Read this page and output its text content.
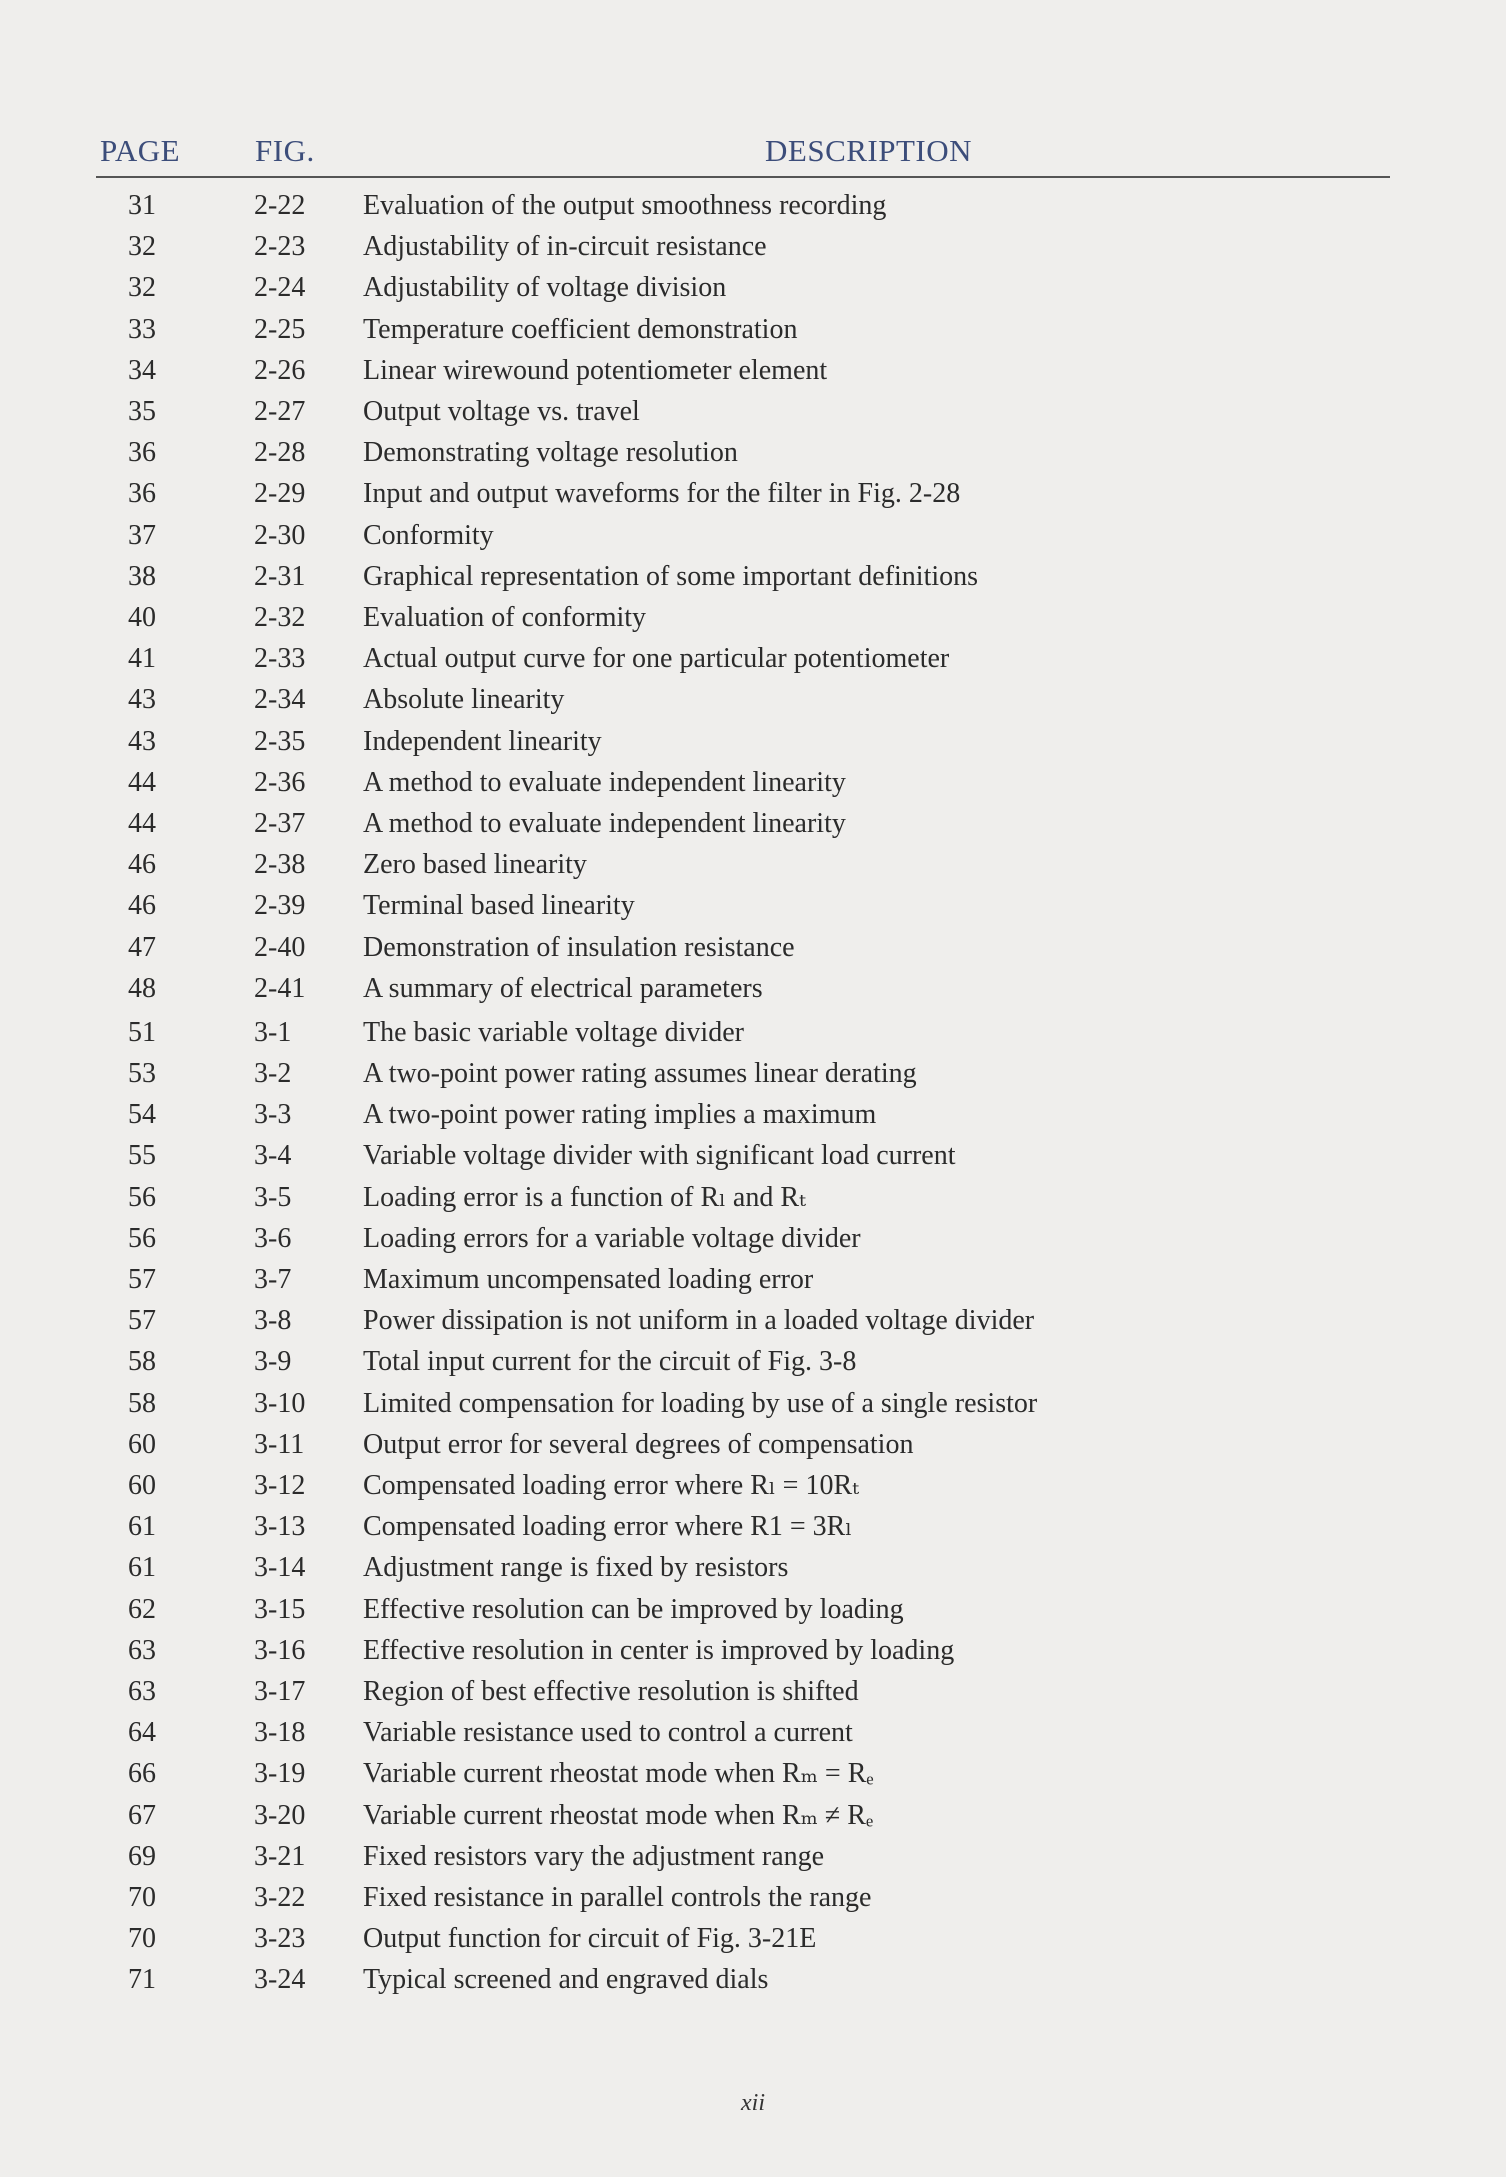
PAGE FIG.	DESCRIPTION
31	2-22 Evaluation of the output smoothness recording
32	2-23 Adjustability of in-circuit resistance
32	2-24 Adjustability of voltage division
33	2-25 Temperature coefficient demonstration
34	2-26 Linear wirewound potentiometer element
35	2-27 Output voltage vs. travel
36	2-28 Demonstrating voltage resolution
36	2-29 Input and output waveforms for the filter in Fig. 2-28
37	2-30 Conformity
38	2-31 Graphical representation of some important definitions
40	2-32 Evaluation of conformity
41	2-33 Actual output curve for one particular potentiometer
43	2-34 Absolute linearity
43	2-35 Independent linearity
44	2-36 A method to evaluate independent linearity
44	2-37 A method to evaluate independent linearity
46	2-38 Zero based linearity
46	2-39 Terminal based linearity
47	2-40 Demonstration of insulation resistance
48	2-41 A summary of electrical parameters
51	3-1	The basic variable voltage divider
53	3-2	A two-point power rating assumes linear derating
54	3-3	A two-point power rating implies a maximum
55	3-4	Variable voltage divider with significant load current
56	3-5	Loading error is a function of Rₗ and Rₜ
56	3-6	Loading errors for a variable voltage divider
57	3-7	Maximum uncompensated loading error
57	3-8	Power dissipation is not uniform in a loaded voltage divider
58	3-9	Total input current for the circuit of Fig. 3-8
58	3-10 Limited compensation for loading by use of a single resistor
60	3-11 Output error for several degrees of compensation
60	3-12 Compensated loading error where Rₗ = 10Rₜ
61	3-13 Compensated loading error where R1 = 3Rₗ
61	3-14 Adjustment range is fixed by resistors
62	3-15 Effective resolution can be improved by loading
63	3-16 Effective resolution in center is improved by loading
63	3-17 Region of best effective resolution is shifted
64	3-18 Variable resistance used to control a current
66	3-19 Variable current rheostat mode when Rₘ = Rₑ
67	3-20 Variable current rheostat mode when Rₘ ≠ Rₑ
69	3-21 Fixed resistors vary the adjustment range
70	3-22 Fixed resistance in parallel controls the range
70	3-23 Output function for circuit of Fig. 3-21E
71	3-24 Typical screened and engraved dials
xii
